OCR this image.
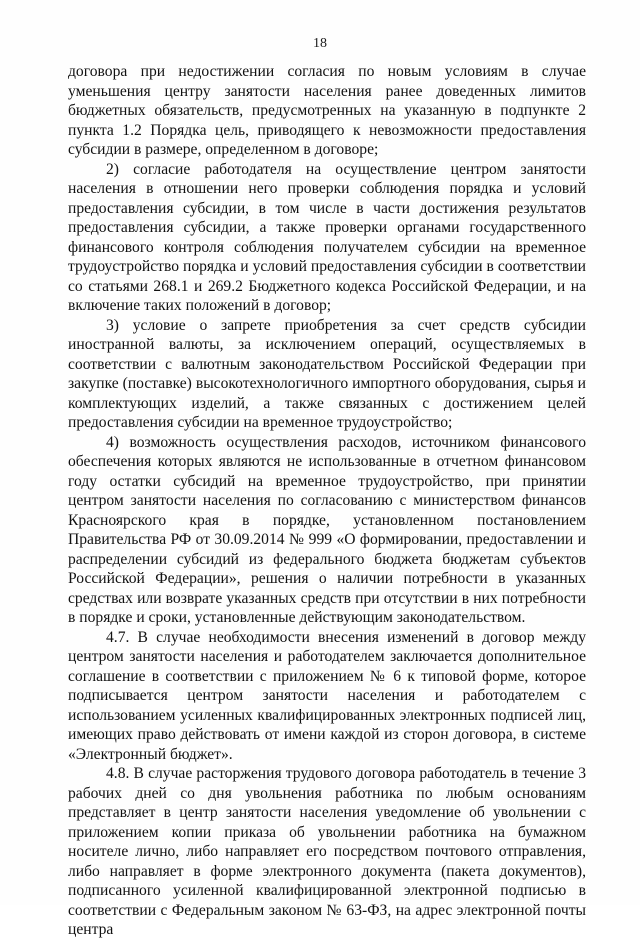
18

договора при недостижении согласия по новым условиям в случае уменьшения центру занятости населения ранее доведенных лимитов бюджетных обязательств, предусмотренных на указанную в подпункте 2 пункта 1.2 Порядка цель, приводящего к невозможности предоставления субсидии в размере, определенном в договоре;

2) согласие работодателя на осуществление центром занятости населения в отношении него проверки соблюдения порядка и условий предоставления субсидии, в том числе в части достижения результатов предоставления субсидии, а также проверки органами государственного финансового контроля соблюдения получателем субсидии на временное трудоустройство порядка и условий предоставления субсидии в соответствии со статьями 268.1 и 269.2 Бюджетного кодекса Российской Федерации, и на включение таких положений в договор;

3) условие о запрете приобретения за счет средств субсидии иностранной валюты, за исключением операций, осуществляемых в соответствии с валютным законодательством Российской Федерации при закупке (поставке) высокотехнологичного импортного оборудования, сырья и комплектующих изделий, а также связанных с достижением целей предоставления субсидии на временное трудоустройство;

4) возможность осуществления расходов, источником финансового обеспечения которых являются не использованные в отчетном финансовом году остатки субсидий на временное трудоустройство, при принятии центром занятости населения по согласованию с министерством финансов Красноярского края в порядке, установленном постановлением Правительства РФ от 30.09.2014 № 999 «О формировании, предоставлении и распределении субсидий из федерального бюджета бюджетам субъектов Российской Федерации», решения о наличии потребности в указанных средствах или возврате указанных средств при отсутствии в них потребности в порядке и сроки, установленные действующим законодательством.

4.7. В случае необходимости внесения изменений в договор между центром занятости населения и работодателем заключается дополнительное соглашение в соответствии с приложением № 6 к типовой форме, которое подписывается центром занятости населения и работодателем с использованием усиленных квалифицированных электронных подписей лиц, имеющих право действовать от имени каждой из сторон договора, в системе «Электронный бюджет».

4.8. В случае расторжения трудового договора работодатель в течение 3 рабочих дней со дня увольнения работника по любым основаниям представляет в центр занятости населения уведомление об увольнении с приложением копии приказа об увольнении работника на бумажном носителе лично, либо направляет его посредством почтового отправления, либо направляет в форме электронного документа (пакета документов), подписанного усиленной квалифицированной электронной подписью в соответствии с Федеральным законом № 63-ФЗ, на адрес электронной почты центра
